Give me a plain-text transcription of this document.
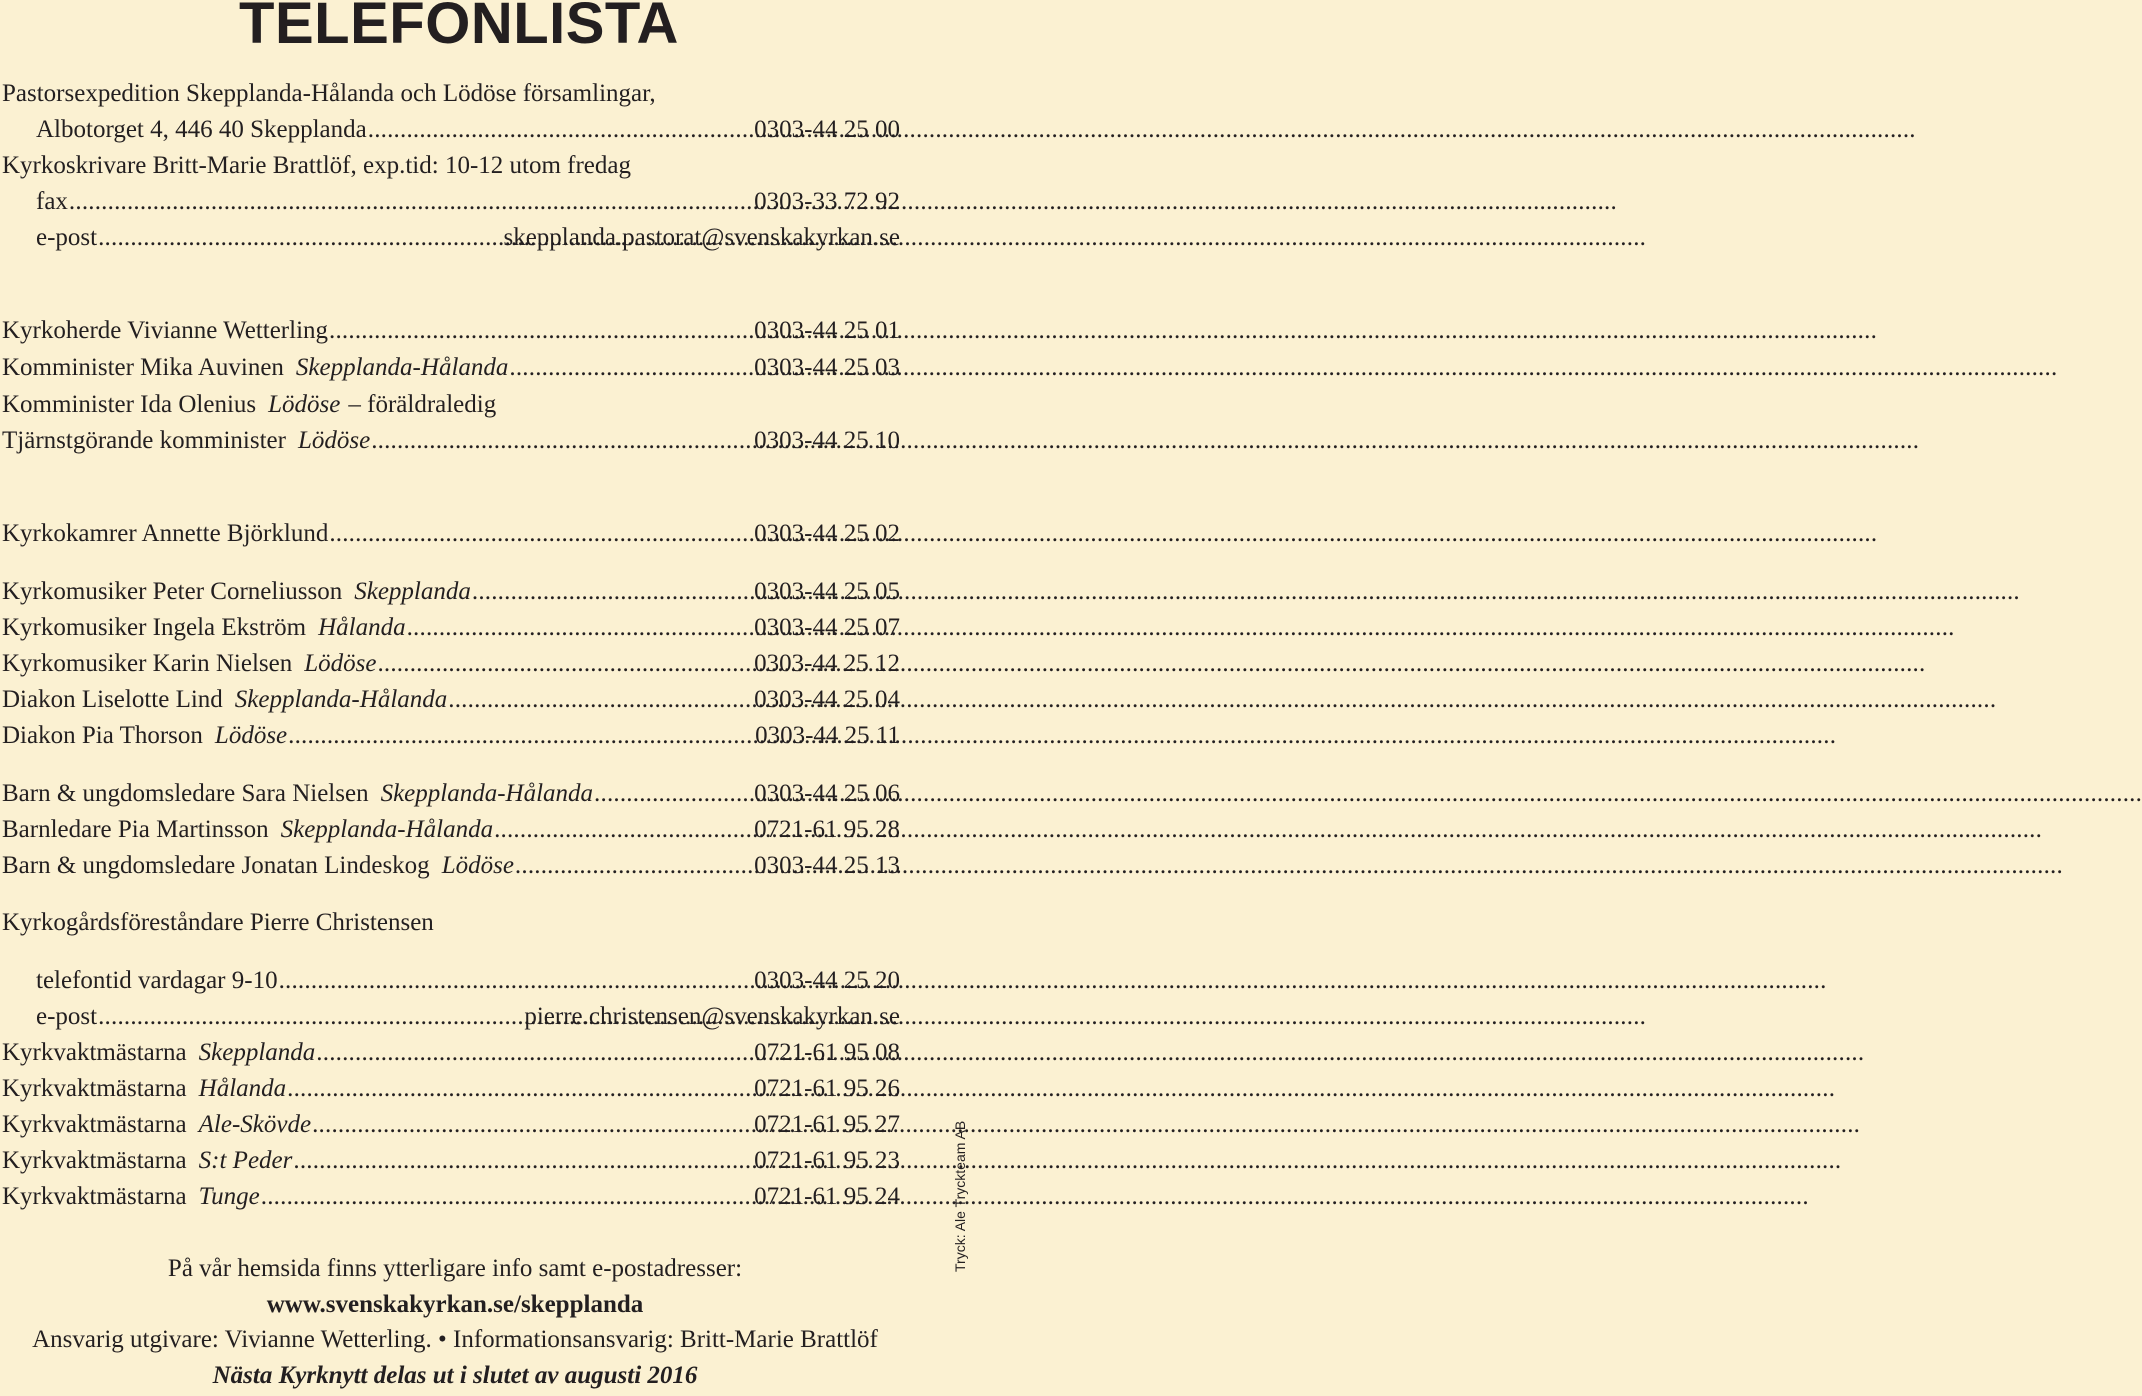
TELEFONLISTA
Pastorsexpedition Skepplanda-Hålanda och Lödöse församlingar,
Albotorget 4, 446 40 Skepplanda .....	0303-44 25 00
Kyrkoskrivare Britt-Marie Brattlöf, exp.tid: 10-12 utom fredag
fax .....	0303-33 72 92
e-post .....	skepplanda.pastorat@svenskakyrkan.se
Kyrkoherde Vivianne Wetterling .....	0303-44 25 01
Komminister Mika Auvinen Skepplanda-Hålanda .....	0303-44 25 03
Komminister Ida Olenius Lödöse – föräldraledig
Tjärnstgörande komminister Lödöse .....	0303-44 25 10
Kyrkokamrer Annette Björklund .....	0303-44 25 02
Kyrkomusiker Peter Corneliusson Skepplanda .....	0303-44 25 05
Kyrkomusiker Ingela Ekström Hålanda .....	0303-44 25 07
Kyrkomusiker Karin Nielsen Lödöse .....	0303-44 25 12
Diakon Liselotte Lind Skepplanda-Hålanda .....	0303-44 25 04
Diakon Pia Thorson Lödöse .....	0303-44 25 11
Barn & ungdomsledare Sara Nielsen Skepplanda-Hålanda .....	0303-44 25 06
Barnledare Pia Martinsson Skepplanda-Hålanda .....	0721-61 95 28
Barn & ungdomsledare Jonatan Lindeskog Lödöse .....	0303-44 25 13
Kyrkogårdsföreståndare Pierre Christensen
telefontid vardagar 9-10 .....	0303-44 25 20
e-post .....	pierre.christensen@svenskakyrkan.se
Kyrkvaktmästarna Skepplanda .....	0721-61 95 08
Kyrkvaktmästarna Hålanda .....	0721-61 95 26
Kyrkvaktmästarna Ale-Skövde .....	0721-61 95 27
Kyrkvaktmästarna S:t Peder .....	0721-61 95 23
Kyrkvaktmästarna Tunge .....	0721-61 95 24
På vår hemsida finns ytterligare info samt e-postadresser:
www.svenskakyrkan.se/skepplanda
Ansvarig utgivare: Vivianne Wetterling. • Informationsansvarig: Britt-Marie Brattlöf
Nästa Kyrknytt delas ut i slutet av augusti 2016
Tryck: Ale Tryckteam AB
